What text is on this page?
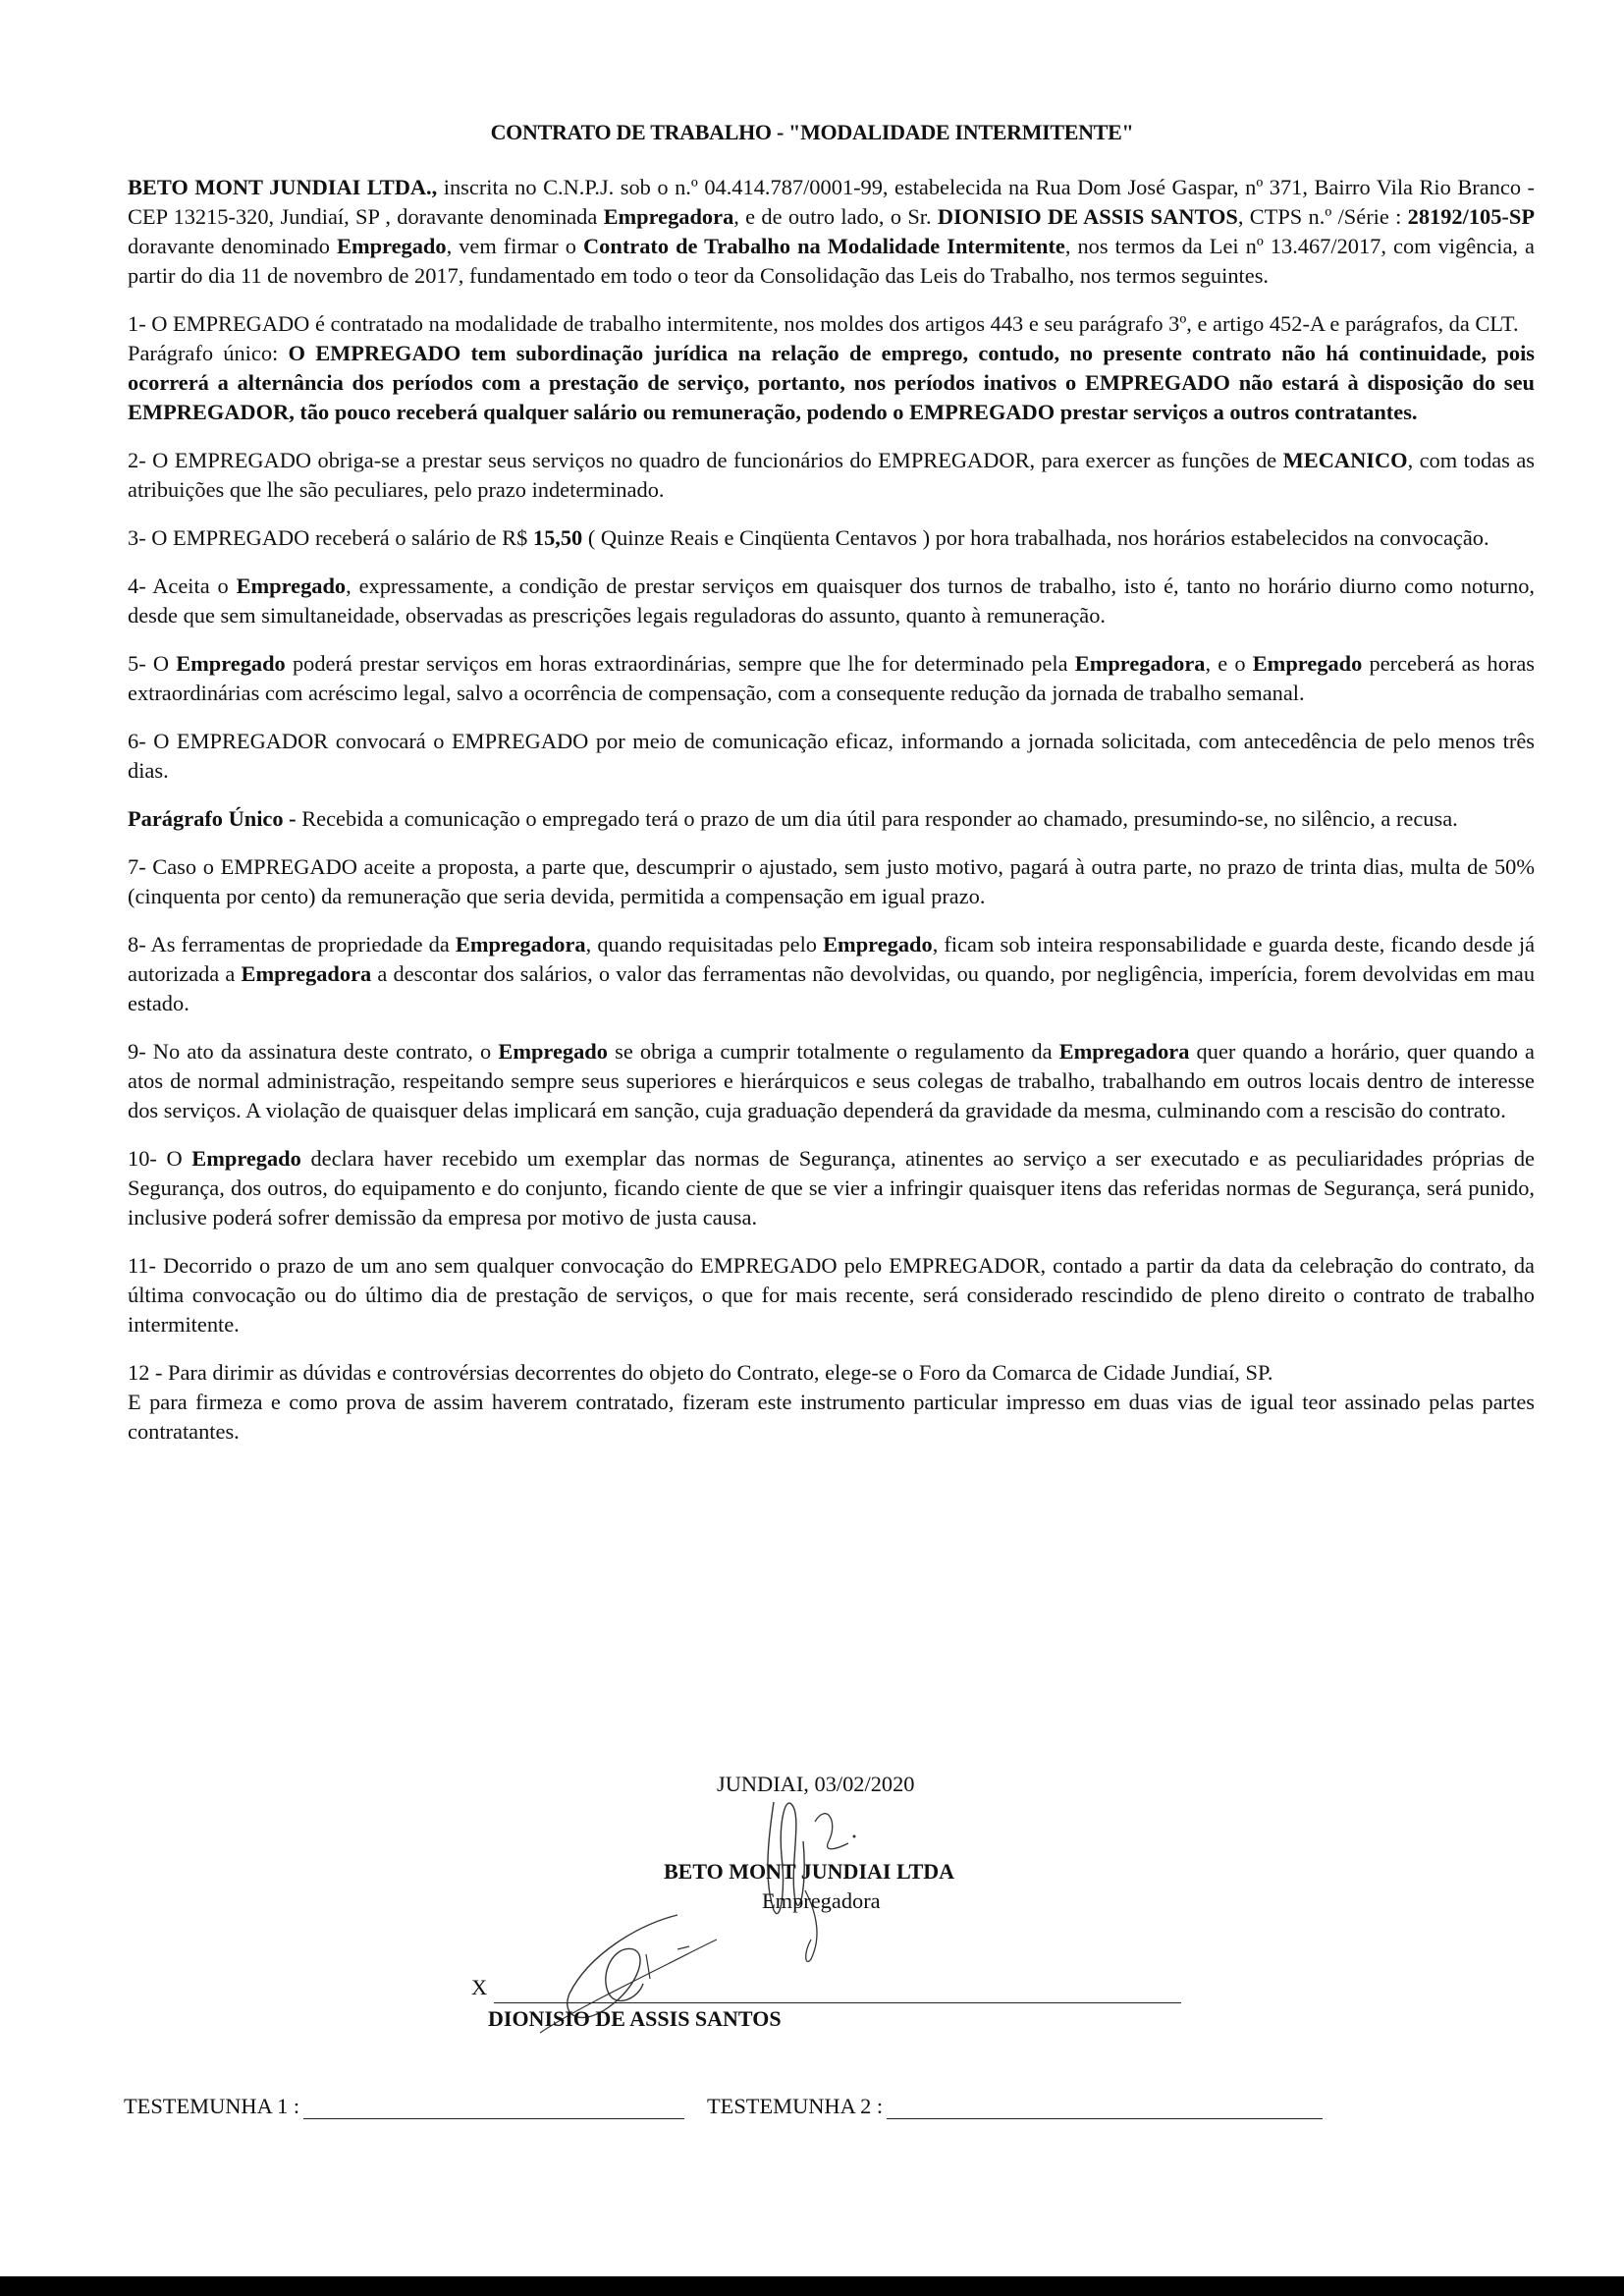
CONTRATO DE TRABALHO - "MODALIDADE INTERMITENTE"

BETO MONT JUNDIAI LTDA., inscrita no C.N.P.J. sob o n.º 04.414.787/0001-99, estabelecida na Rua Dom José Gaspar, nº 371, Bairro Vila Rio Branco - CEP 13215-320, Jundiaí, SP , doravante denominada Empregadora, e de outro lado, o Sr. DIONISIO DE ASSIS SANTOS, CTPS n.º /Série : 28192/105-SP doravante denominado Empregado, vem firmar o Contrato de Trabalho na Modalidade Intermitente, nos termos da Lei nº 13.467/2017, com vigência, a partir do dia 11 de novembro de 2017, fundamentado em todo o teor da Consolidação das Leis do Trabalho, nos termos seguintes.

1- O EMPREGADO é contratado na modalidade de trabalho intermitente, nos moldes dos artigos 443 e seu parágrafo 3º, e artigo 452-A e parágrafos, da CLT.

Parágrafo único: O EMPREGADO tem subordinação jurídica na relação de emprego, contudo, no presente contrato não há continuidade, pois ocorrerá a alternância dos períodos com a prestação de serviço, portanto, nos períodos inativos o EMPREGADO não estará à disposição do seu EMPREGADOR, tão pouco receberá qualquer salário ou remuneração, podendo o EMPREGADO prestar serviços a outros contratantes.

2- O EMPREGADO obriga-se a prestar seus serviços no quadro de funcionários do EMPREGADOR, para exercer as funções de MECANICO, com todas as atribuições que lhe são peculiares, pelo prazo indeterminado.

3- O EMPREGADO receberá o salário de R$ 15,50 ( Quinze Reais e Cinqüenta Centavos ) por hora trabalhada, nos horários estabelecidos na convocação.

4- Aceita o Empregado, expressamente, a condição de prestar serviços em quaisquer dos turnos de trabalho, isto é, tanto no horário diurno como noturno, desde que sem simultaneidade, observadas as prescrições legais reguladoras do assunto, quanto à remuneração.

5- O Empregado poderá prestar serviços em horas extraordinárias, sempre que lhe for determinado pela Empregadora, e o Empregado perceberá as horas extraordinárias com acréscimo legal, salvo a ocorrência de compensação, com a consequente redução da jornada de trabalho semanal.

6- O EMPREGADOR convocará o EMPREGADO por meio de comunicação eficaz, informando a jornada solicitada, com antecedência de pelo menos três dias.

Parágrafo Único - Recebida a comunicação o empregado terá o prazo de um dia útil para responder ao chamado, presumindo-se, no silêncio, a recusa.

7- Caso o EMPREGADO aceite a proposta, a parte que, descumprir o ajustado, sem justo motivo, pagará à outra parte, no prazo de trinta dias, multa de 50% (cinquenta por cento) da remuneração que seria devida, permitida a compensação em igual prazo.

8- As ferramentas de propriedade da Empregadora, quando requisitadas pelo Empregado, ficam sob inteira responsabilidade e guarda deste, ficando desde já autorizada a Empregadora a descontar dos salários, o valor das ferramentas não devolvidas, ou quando, por negligência, imperícia, forem devolvidas em mau estado.

9- No ato da assinatura deste contrato, o Empregado se obriga a cumprir totalmente o regulamento da Empregadora quer quando a horário, quer quando a atos de normal administração, respeitando sempre seus superiores e hierárquicos e seus colegas de trabalho, trabalhando em outros locais dentro de interesse dos serviços. A violação de quaisquer delas implicará em sanção, cuja graduação dependerá da gravidade da mesma, culminando com a rescisão do contrato.

10- O Empregado declara haver recebido um exemplar das normas de Segurança, atinentes ao serviço a ser executado e as peculiaridades próprias de Segurança, dos outros, do equipamento e do conjunto, ficando ciente de que se vier a infringir quaisquer itens das referidas normas de Segurança, será punido, inclusive poderá sofrer demissão da empresa por motivo de justa causa.

11- Decorrido o prazo de um ano sem qualquer convocação do EMPREGADO pelo EMPREGADOR, contado a partir da data da celebração do contrato, da última convocação ou do último dia de prestação de serviços, o que for mais recente, será considerado rescindido de pleno direito o contrato de trabalho intermitente.

12 - Para dirimir as dúvidas e controvérsias decorrentes do objeto do Contrato, elege-se o Foro da Comarca de Cidade Jundiaí, SP.

E para firmeza e como prova de assim haverem contratado, fizeram este instrumento particular impresso em duas vias de igual teor assinado pelas partes contratantes.

JUNDIAI, 03/02/2020
BETO MONT JUNDIAI LTDA
Empregadora
X
DIONISIO DE ASSIS SANTOS
TESTEMUNHA 1 :	TESTEMUNHA 2 :
